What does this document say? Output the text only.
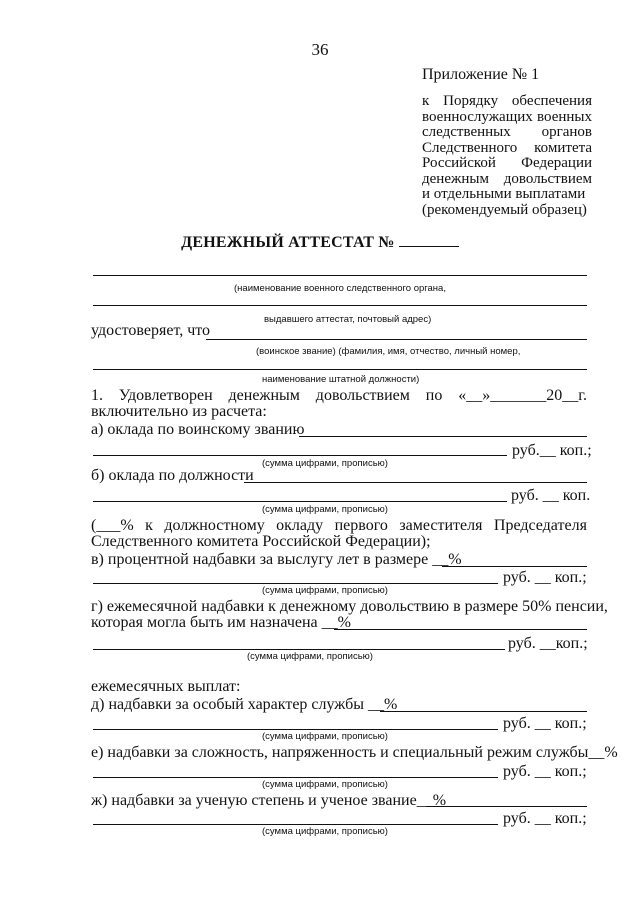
36
Приложение № 1
к Порядку обеспечения
военнослужащих военных
следственных органов
Следственного комитета
Российской Федерации
денежным довольствием
и отдельными выплатами
(рекомендуемый образец)
ДЕНЕЖНЫЙ АТТЕСТАТ №
(наименование военного следственного органа,
выдавшего аттестат, почтовый адрес)
удостоверяет, что
(воинское звание) (фамилия, имя, отчество, личный номер,
наименование штатной должности)
1. Удовлетворен денежным довольствием по «__»_______20__г.
включительно из расчета:
а) оклада по воинскому званию
руб.__ коп.;
(сумма цифрами, прописью)
б) оклада по должности
руб. __ коп.
(сумма цифрами, прописью)
(___% к должностному окладу первого заместителя Председателя
Следственного комитета Российской Федерации);
в) процентной надбавки за выслугу лет в размере __%
руб. __ коп.;
(сумма цифрами, прописью)
г) ежемесячной надбавки к денежному довольствию в размере 50% пенсии,
которая могла быть им назначена __%
руб. __коп.;
(сумма цифрами, прописью)
ежемесячных выплат:
д) надбавки за особый характер службы __%
руб. __ коп.;
(сумма цифрами, прописью)
е) надбавки за сложность, напряженность и специальный режим службы__%
руб. __ коп.;
(сумма цифрами, прописью)
ж) надбавки за ученую степень и ученое звание__%
руб. __ коп.;
(сумма цифрами, прописью)
